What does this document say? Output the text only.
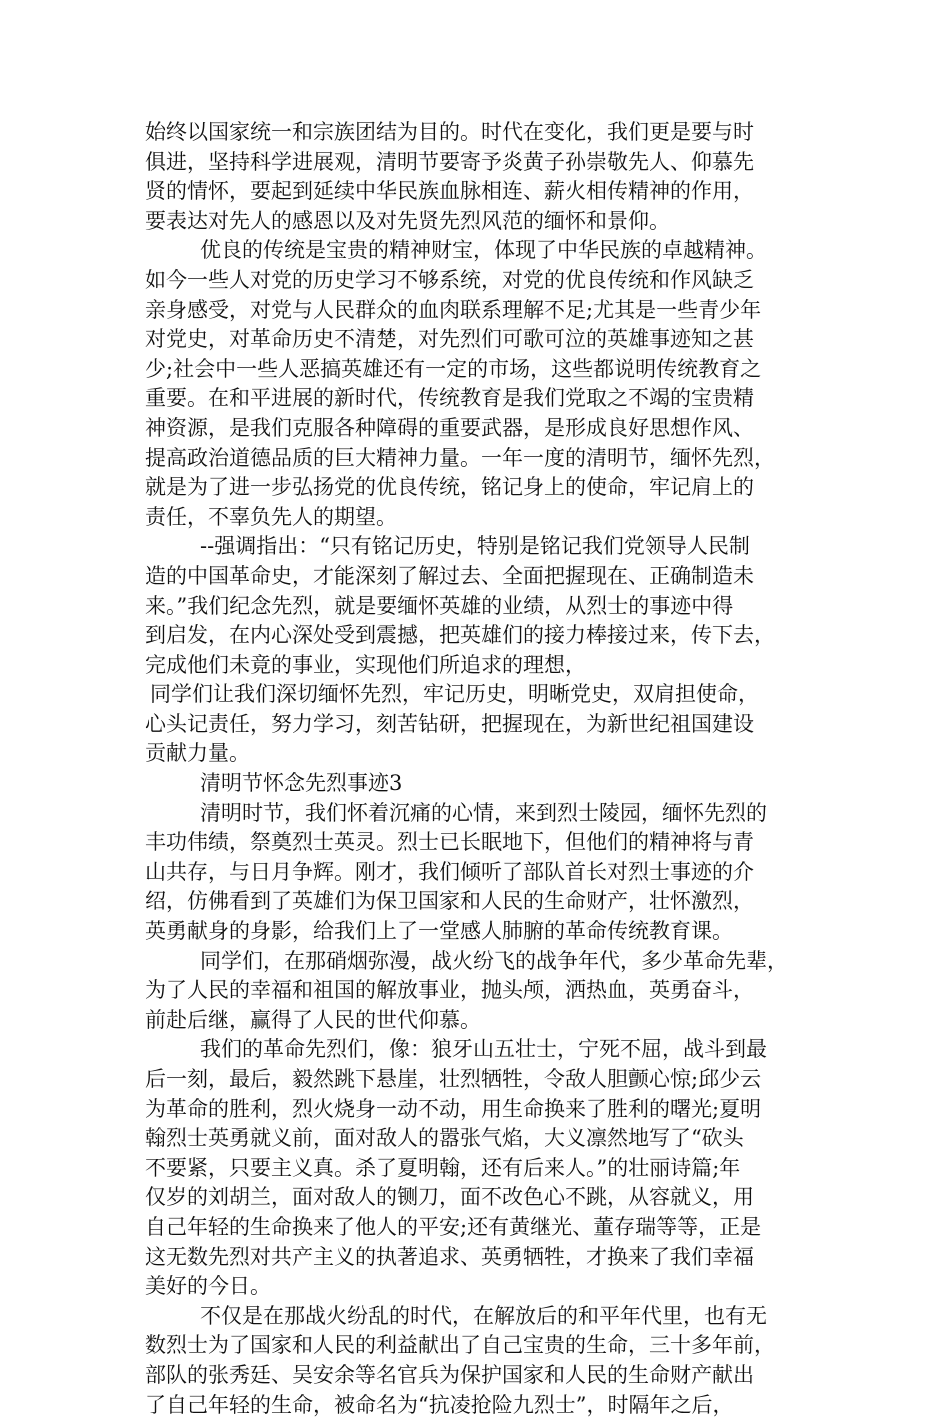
始终以国家统一和宗族团结为目的。时代在变化，我们更是要与时
俱进，坚持科学进展观，清明节要寄予炎黄子孙崇敬先人、仰慕先
贤的情怀，要起到延续中华民族血脉相连、薪火相传精神的作用，
要表达对先人的感恩以及对先贤先烈风范的缅怀和景仰。
优良的传统是宝贵的精神财宝，体现了中华民族的卓越精神。
如今一些人对党的历史学习不够系统，对党的优良传统和作风缺乏
亲身感受，对党与人民群众的血肉联系理解不足;尤其是一些青少年
对党史，对革命历史不清楚，对先烈们可歌可泣的英雄事迹知之甚
少;社会中一些人恶搞英雄还有一定的市场，这些都说明传统教育之
重要。在和平进展的新时代，传统教育是我们党取之不竭的宝贵精
神资源，是我们克服各种障碍的重要武器，是形成良好思想作风、
提高政治道德品质的巨大精神力量。一年一度的清明节，缅怀先烈，
就是为了进一步弘扬党的优良传统，铭记身上的使命，牢记肩上的
责任，不辜负先人的期望。
--强调指出：“只有铭记历史，特别是铭记我们党领导人民制
造的中国革命史，才能深刻了解过去、全面把握现在、正确制造未
来。”我们纪念先烈，就是要缅怀英雄的业绩，从烈士的事迹中得
到启发，在内心深处受到震撼，把英雄们的接力棒接过来，传下去，
完成他们未竟的事业，实现他们所追求的理想，
同学们让我们深切缅怀先烈，牢记历史，明晰党史，双肩担使命，
心头记责任，努力学习，刻苦钻研，把握现在，为新世纪祖国建设
贡献力量。
清明节怀念先烈事迹3
清明时节，我们怀着沉痛的心情，来到烈士陵园，缅怀先烈的
丰功伟绩，祭奠烈士英灵。烈士已长眠地下，但他们的精神将与青
山共存，与日月争辉。刚才，我们倾听了部队首长对烈士事迹的介
绍，仿佛看到了英雄们为保卫国家和人民的生命财产，壮怀激烈，
英勇献身的身影，给我们上了一堂感人肺腑的革命传统教育课。
同学们，在那硝烟弥漫，战火纷飞的战争年代，多少革命先辈，
为了人民的幸福和祖国的解放事业，抛头颅，洒热血，英勇奋斗，
前赴后继，赢得了人民的世代仰慕。
我们的革命先烈们，像：狼牙山五壮士，宁死不屈，战斗到最
后一刻，最后，毅然跳下悬崖，壮烈牺牲，令敌人胆颤心惊;邱少云
为革命的胜利，烈火烧身一动不动，用生命换来了胜利的曙光;夏明
翰烈士英勇就义前，面对敌人的嚣张气焰，大义凛然地写了“砍头
不要紧，只要主义真。杀了夏明翰，还有后来人。”的壮丽诗篇;年
仅岁的刘胡兰，面对敌人的铡刀，面不改色心不跳，从容就义，用
自己年轻的生命换来了他人的平安;还有黄继光、董存瑞等等，正是
这无数先烈对共产主义的执著追求、英勇牺牲，才换来了我们幸福
美好的今日。
不仅是在那战火纷乱的时代，在解放后的和平年代里，也有无
数烈士为了国家和人民的利益献出了自己宝贵的生命，三十多年前，
部队的张秀廷、吴安余等名官兵为保护国家和人民的生命财产献出
了自己年轻的生命，被命名为“抗凌抢险九烈士”，时隔年之后，
